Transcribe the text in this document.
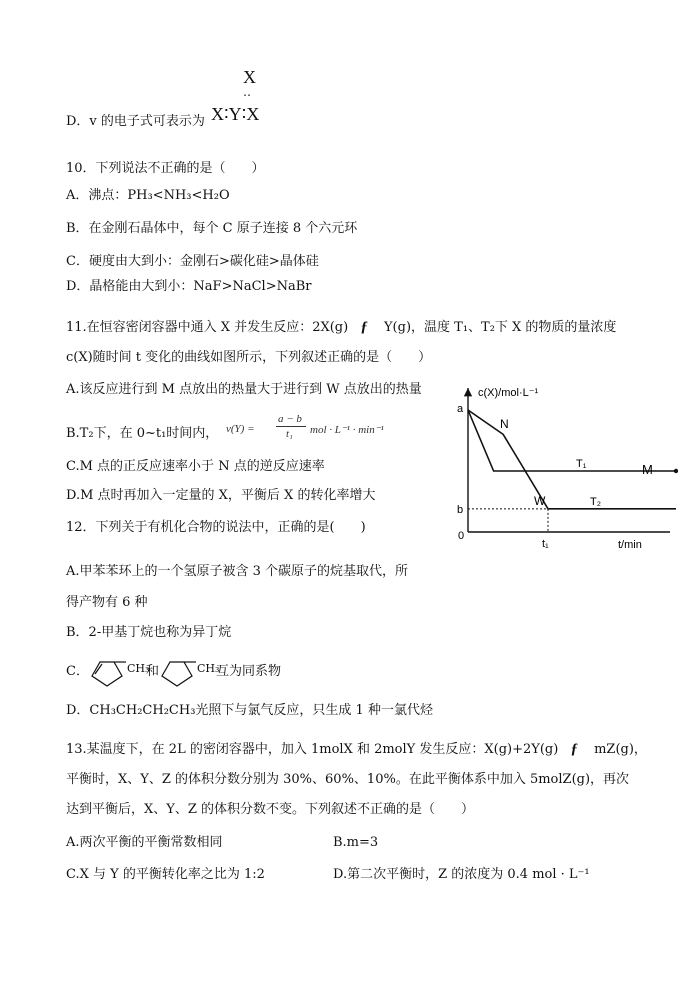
X
‥
D．v 的电子式可表示为 X∶Y∶X
10．下列说法不正确的是（　　）
A．沸点：PH₃<NH₃<H₂O
B．在金刚石晶体中，每个 C 原子连接 8 个六元环
C．硬度由大到小：金刚石>碳化硅>晶体硅
D．晶格能由大到小：NaF>NaCl>NaBr
11.在恒容密闭容器中通入 X 并发生反应：2X(g) ƒ Y(g)，温度 T₁、T₂下 X 的物质的量浓度
c(X)随时间 t 变化的曲线如图所示，下列叙述正确的是（　　）
A.该反应进行到 M 点放出的热量大于进行到 W 点放出的热量
B.T₂下，在 0~t₁时间内， v(Y) =
a − b
t₁ mol · L⁻¹ · min⁻¹
C.M 点的正反应速率小于 N 点的逆反应速率
D.M 点时再加入一定量的 X，平衡后 X 的转化率增大
c(X)/mol·L⁻¹
t/min
0
T₁
T₂
a
b
t₁
N
M
W
12．下列关于有机化合物的说法中，正确的是(　　)
A.甲苯苯环上的一个氢原子被含 3 个碳原子的烷基取代，所
得产物有 6 种
B．2-甲基丁烷也称为异丁烷
C．	CH₃
和	CH₃
互为同系物
D．CH₃CH₂CH₂CH₃光照下与氯气反应，只生成 1 种一氯代烃
13.某温度下，在 2L 的密闭容器中，加入 1molX 和 2molY 发生反应：X(g)+2Y(g) ƒ mZ(g)，
平衡时，X、Y、Z 的体积分数分别为 30%、60%、10%。在此平衡体系中加入 5molZ(g)，再次
达到平衡后，X、Y、Z 的体积分数不变。下列叙述不正确的是（　　）
A.两次平衡的平衡常数相同	B.m=3
C.X 与 Y 的平衡转化率之比为 1:2	D.第二次平衡时，Z 的浓度为 0.4 mol · L⁻¹
